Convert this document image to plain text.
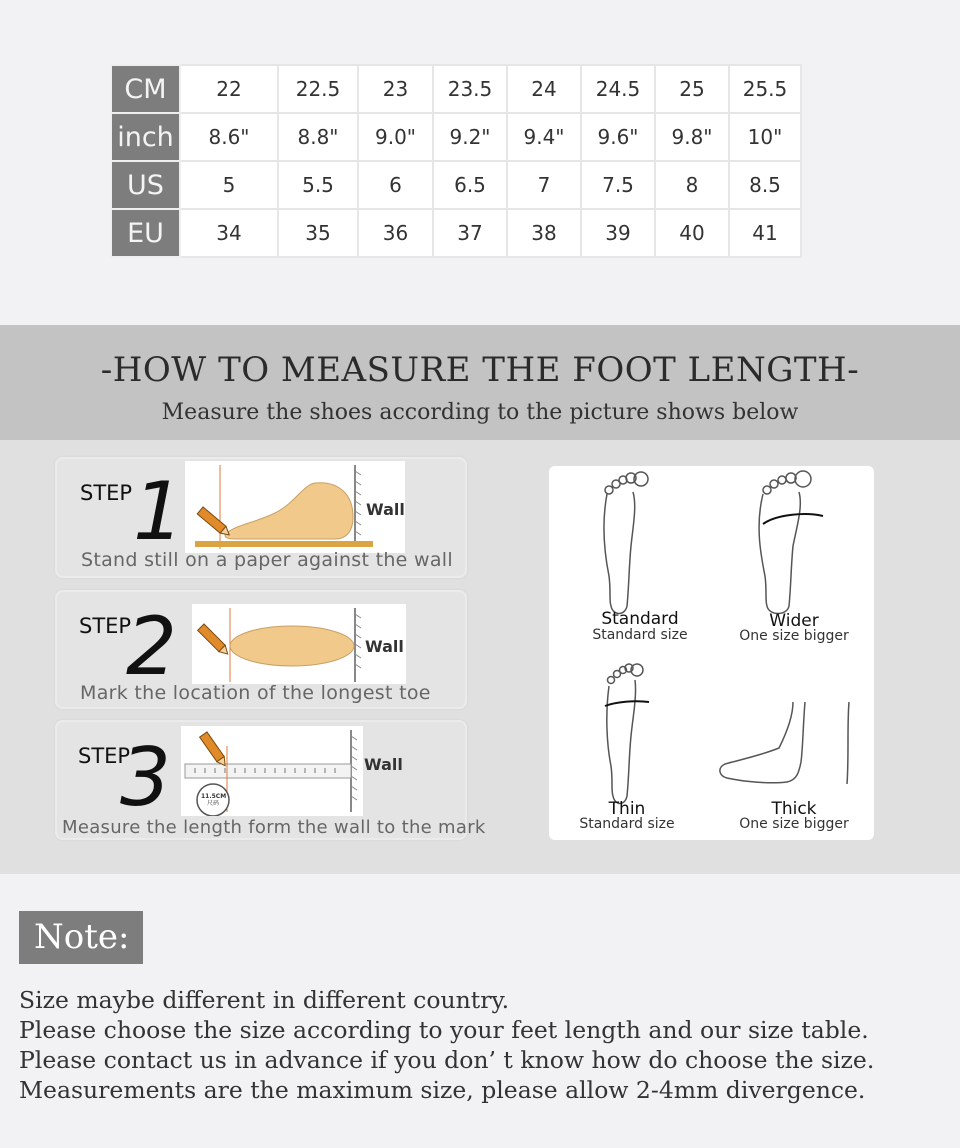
CM	22	22.5	23	23.5	24	24.5	25	25.5
inch	8.6"	8.8"	9.0"	9.2"	9.4"	9.6"	9.8"	10"
US	5	5.5	6	6.5	7	7.5	8	8.5
EU	34	35	36	37	38	39	40	41
-HOW TO MEASURE THE FOOT LENGTH-
Measure the shoes according to the picture shows below
STEP 1	Wall
Stand still on a paper against the wall
STEP
2	Wall
Mark the location of the longest toe
STEP
3	11.5CM
尺码
Wall
Measure the length form the wall to the mark
Standard
Standard size
Wider
One size bigger
Thin
Standard size
Thick
One size bigger
Note:
Size maybe different in different country.
Please choose the size according to your feet length and our size table.
Please contact us in advance if you don’ t know how do choose the size.
Measurements are the maximum size, please allow 2-4mm divergence.
